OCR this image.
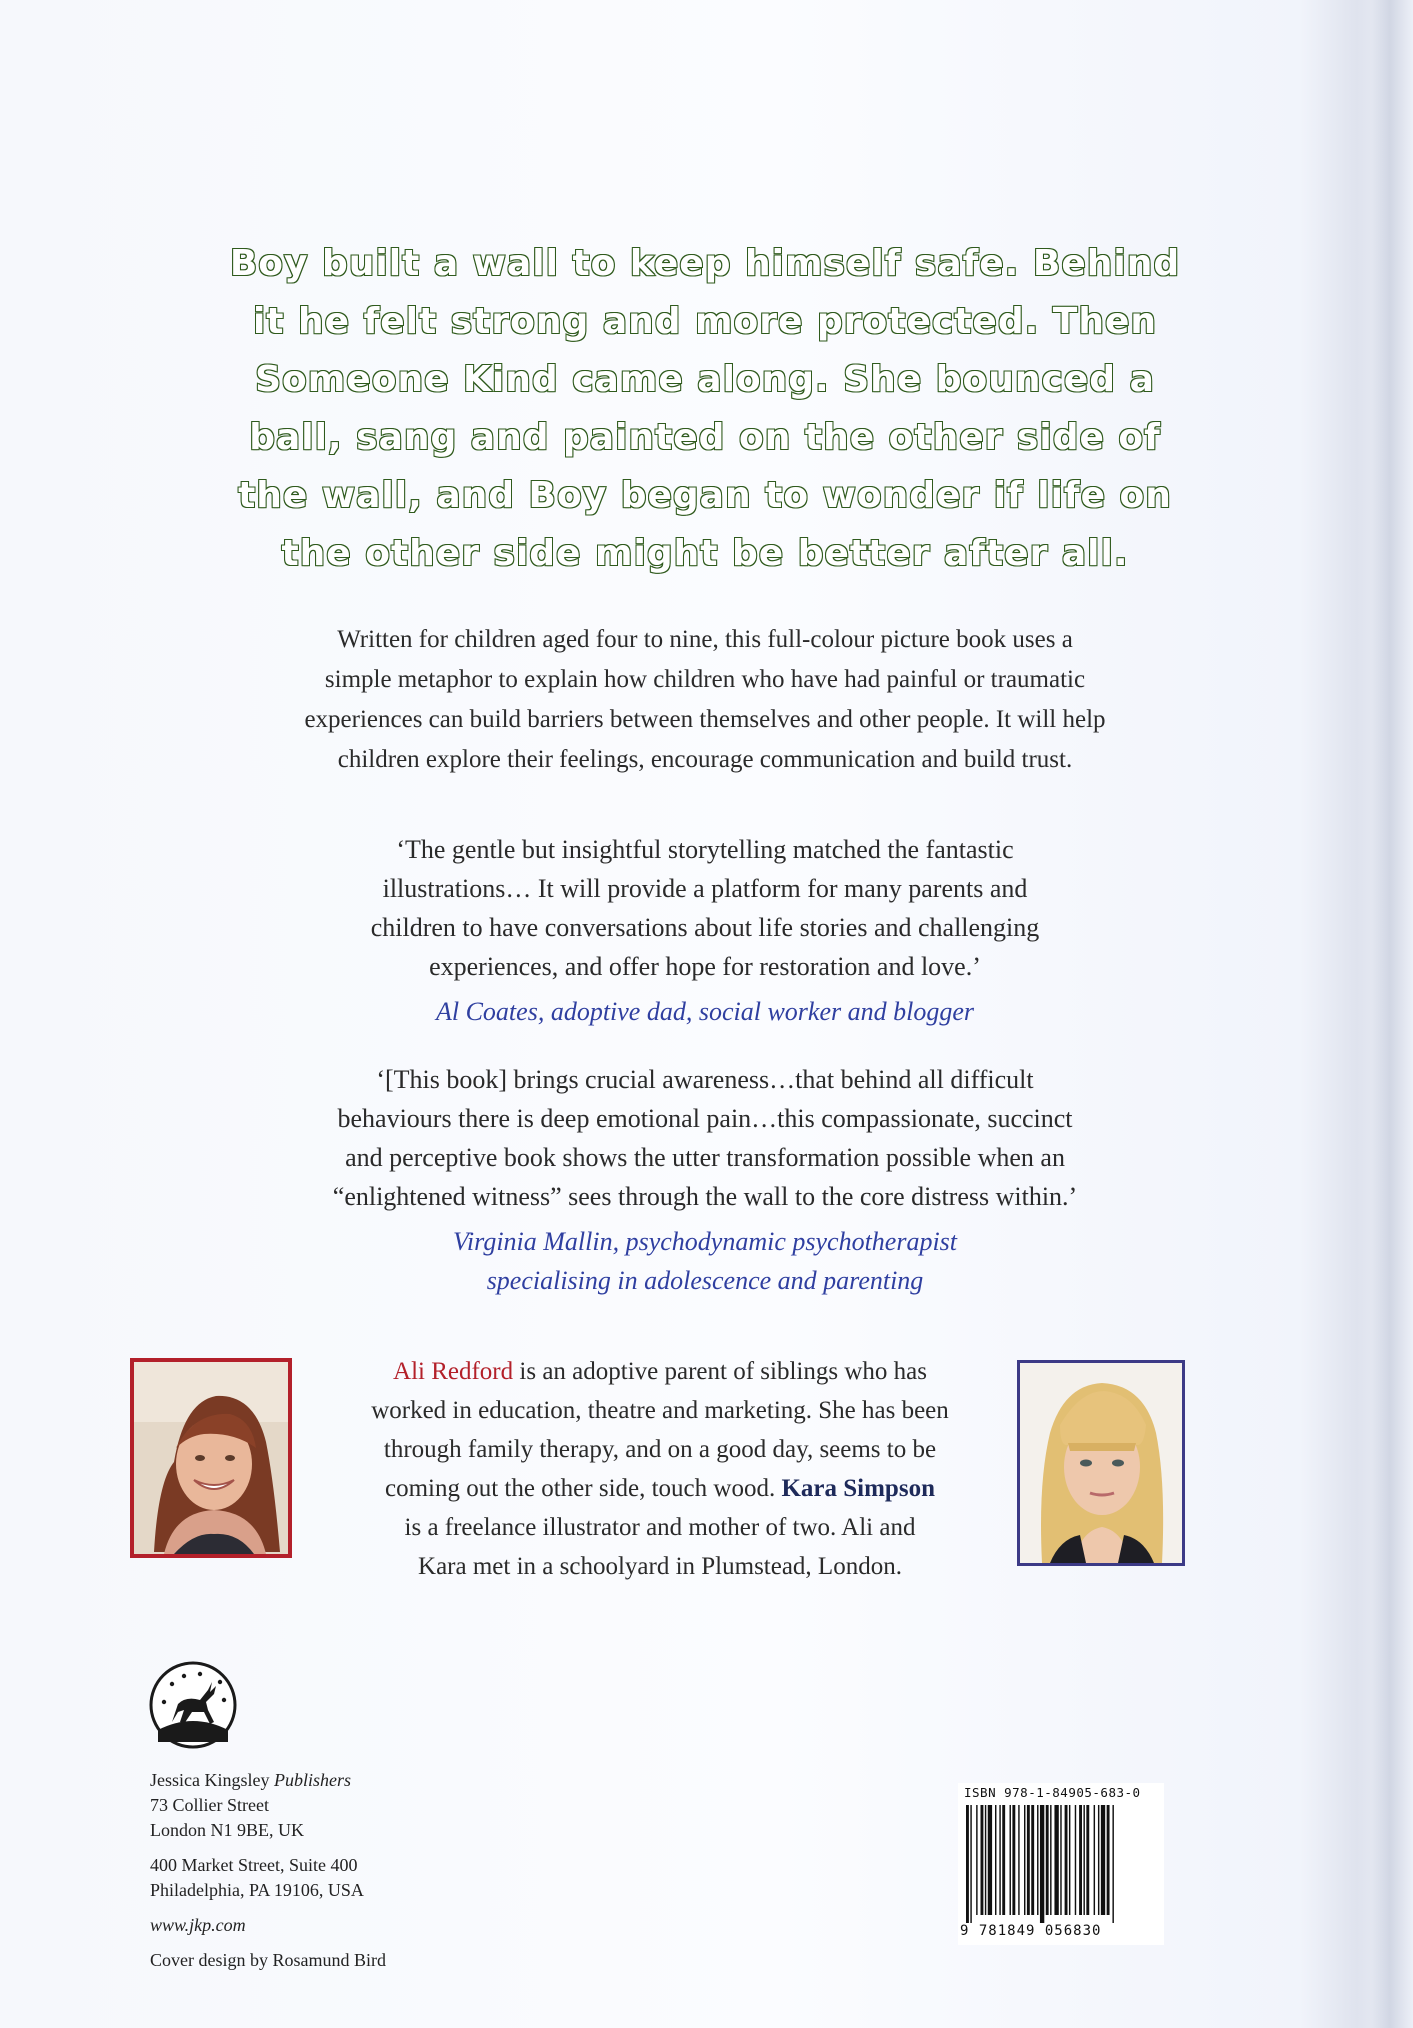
Boy built a wall to keep himself safe. Behind
it he felt strong and more protected. Then
Someone Kind came along. She bounced a
ball, sang and painted on the other side of
the wall, and Boy began to wonder if life on
the other side might be better after all.
Written for children aged four to nine, this full-colour picture book uses a
simple metaphor to explain how children who have had painful or traumatic
experiences can build barriers between themselves and other people. It will help
children explore their feelings, encourage communication and build trust.
‘The gentle but insightful storytelling matched the fantastic
illustrations… It will provide a platform for many parents and
children to have conversations about life stories and challenging
experiences, and offer hope for restoration and love.’
Al Coates, adoptive dad, social worker and blogger
‘[This book] brings crucial awareness…that behind all difficult
behaviours there is deep emotional pain…this compassionate, succinct
and perceptive book shows the utter transformation possible when an
“enlightened witness” sees through the wall to the core distress within.’
Virginia Mallin, psychodynamic psychotherapist
specialising in adolescence and parenting
Ali Redford is an adoptive parent of siblings who has
worked in education, theatre and marketing. She has been
through family therapy, and on a good day, seems to be
coming out the other side, touch wood. Kara Simpson
is a freelance illustrator and mother of two. Ali and
Kara met in a schoolyard in Plumstead, London.
Jessica Kingsley Publishers
73 Collier Street
London N1 9BE, UK
400 Market Street, Suite 400
Philadelphia, PA 19106, USA
www.jkp.com
Cover design by Rosamund Bird
ISBN 978-1-84905-683-0
9 781849 056830
